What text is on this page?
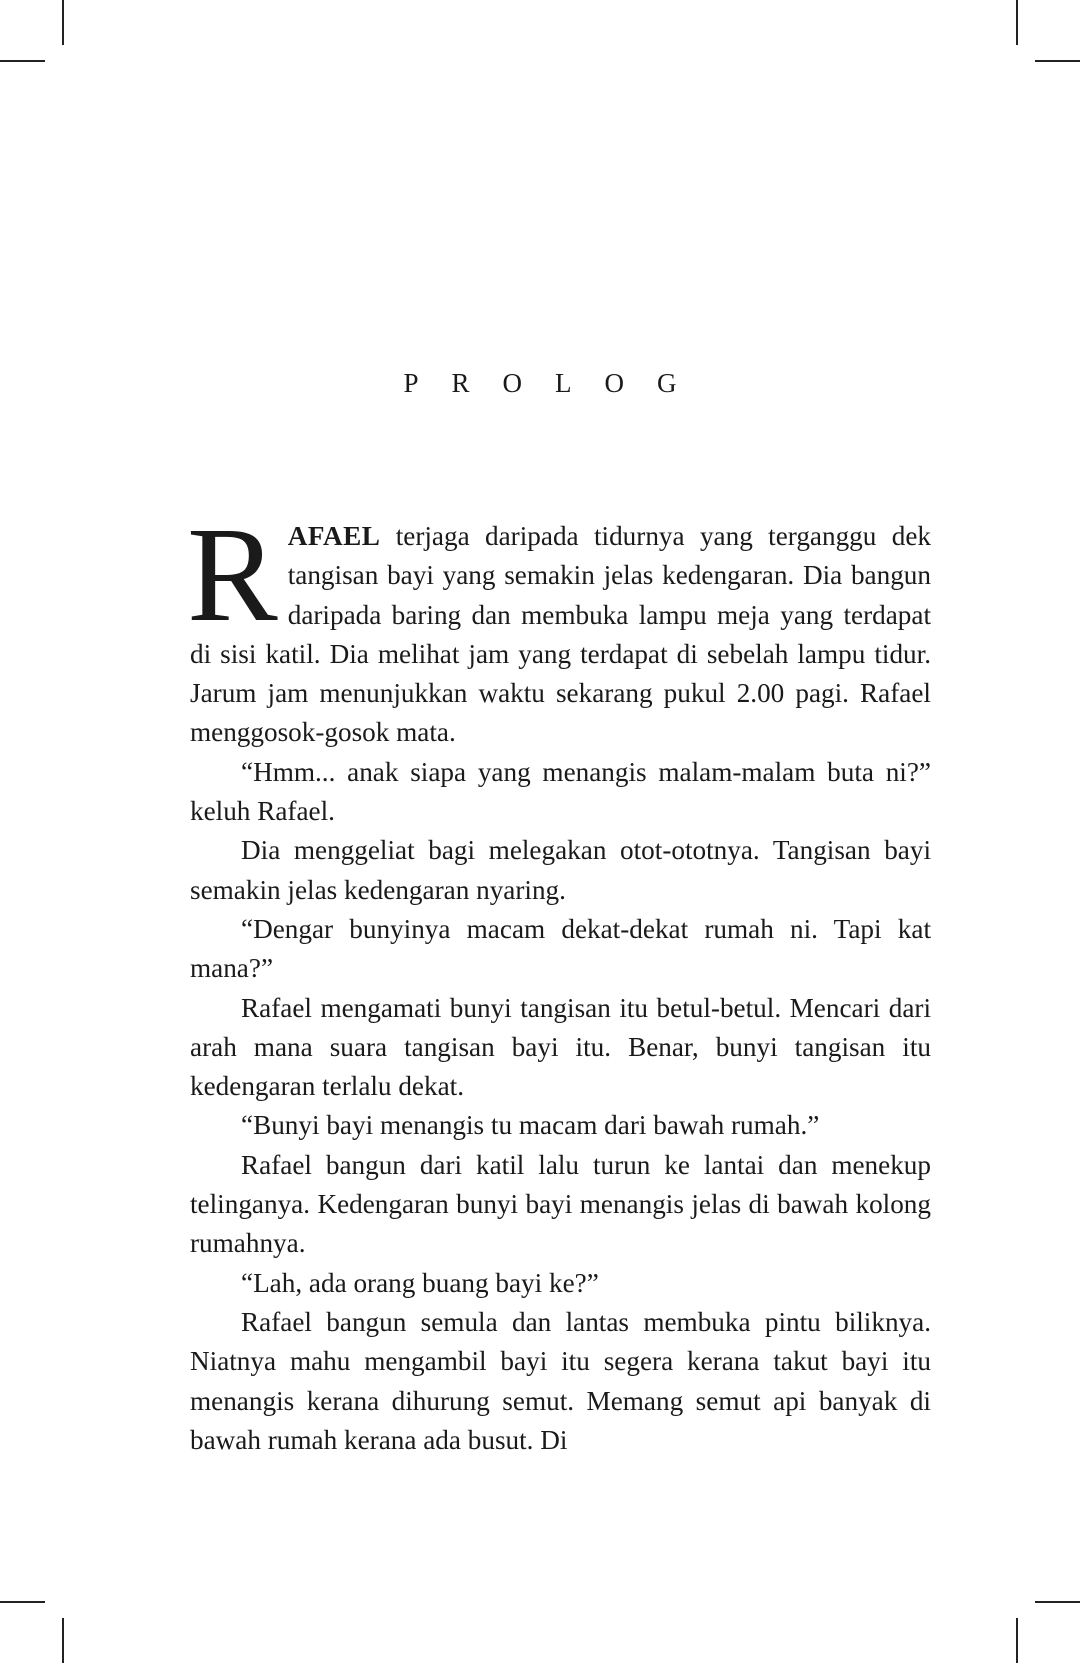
PROLOG

RAFAEL terjaga daripada tidurnya yang terganggu dek tangisan bayi yang semakin jelas kedengaran. Dia bangun daripada baring dan membuka lampu meja yang terdapat di sisi katil. Dia melihat jam yang terdapat di sebelah lampu tidur. Jarum jam menunjukkan waktu sekarang pukul 2.00 pagi. Rafael menggosok-gosok mata.

“Hmm... anak siapa yang menangis malam-malam buta ni?” keluh Rafael.

Dia menggeliat bagi melegakan otot-ototnya. Tangisan bayi semakin jelas kedengaran nyaring.

“Dengar bunyinya macam dekat-dekat rumah ni. Tapi kat mana?”

Rafael mengamati bunyi tangisan itu betul-betul. Mencari dari arah mana suara tangisan bayi itu. Benar, bunyi tangisan itu kedengaran terlalu dekat.

“Bunyi bayi menangis tu macam dari bawah rumah.”

Rafael bangun dari katil lalu turun ke lantai dan menekup telinganya. Kedengaran bunyi bayi menangis jelas di bawah kolong rumahnya.

“Lah, ada orang buang bayi ke?”

Rafael bangun semula dan lantas membuka pintu biliknya. Niatnya mahu mengambil bayi itu segera kerana takut bayi itu menangis kerana dihurung semut. Memang semut api banyak di bawah rumah kerana ada busut. Di
